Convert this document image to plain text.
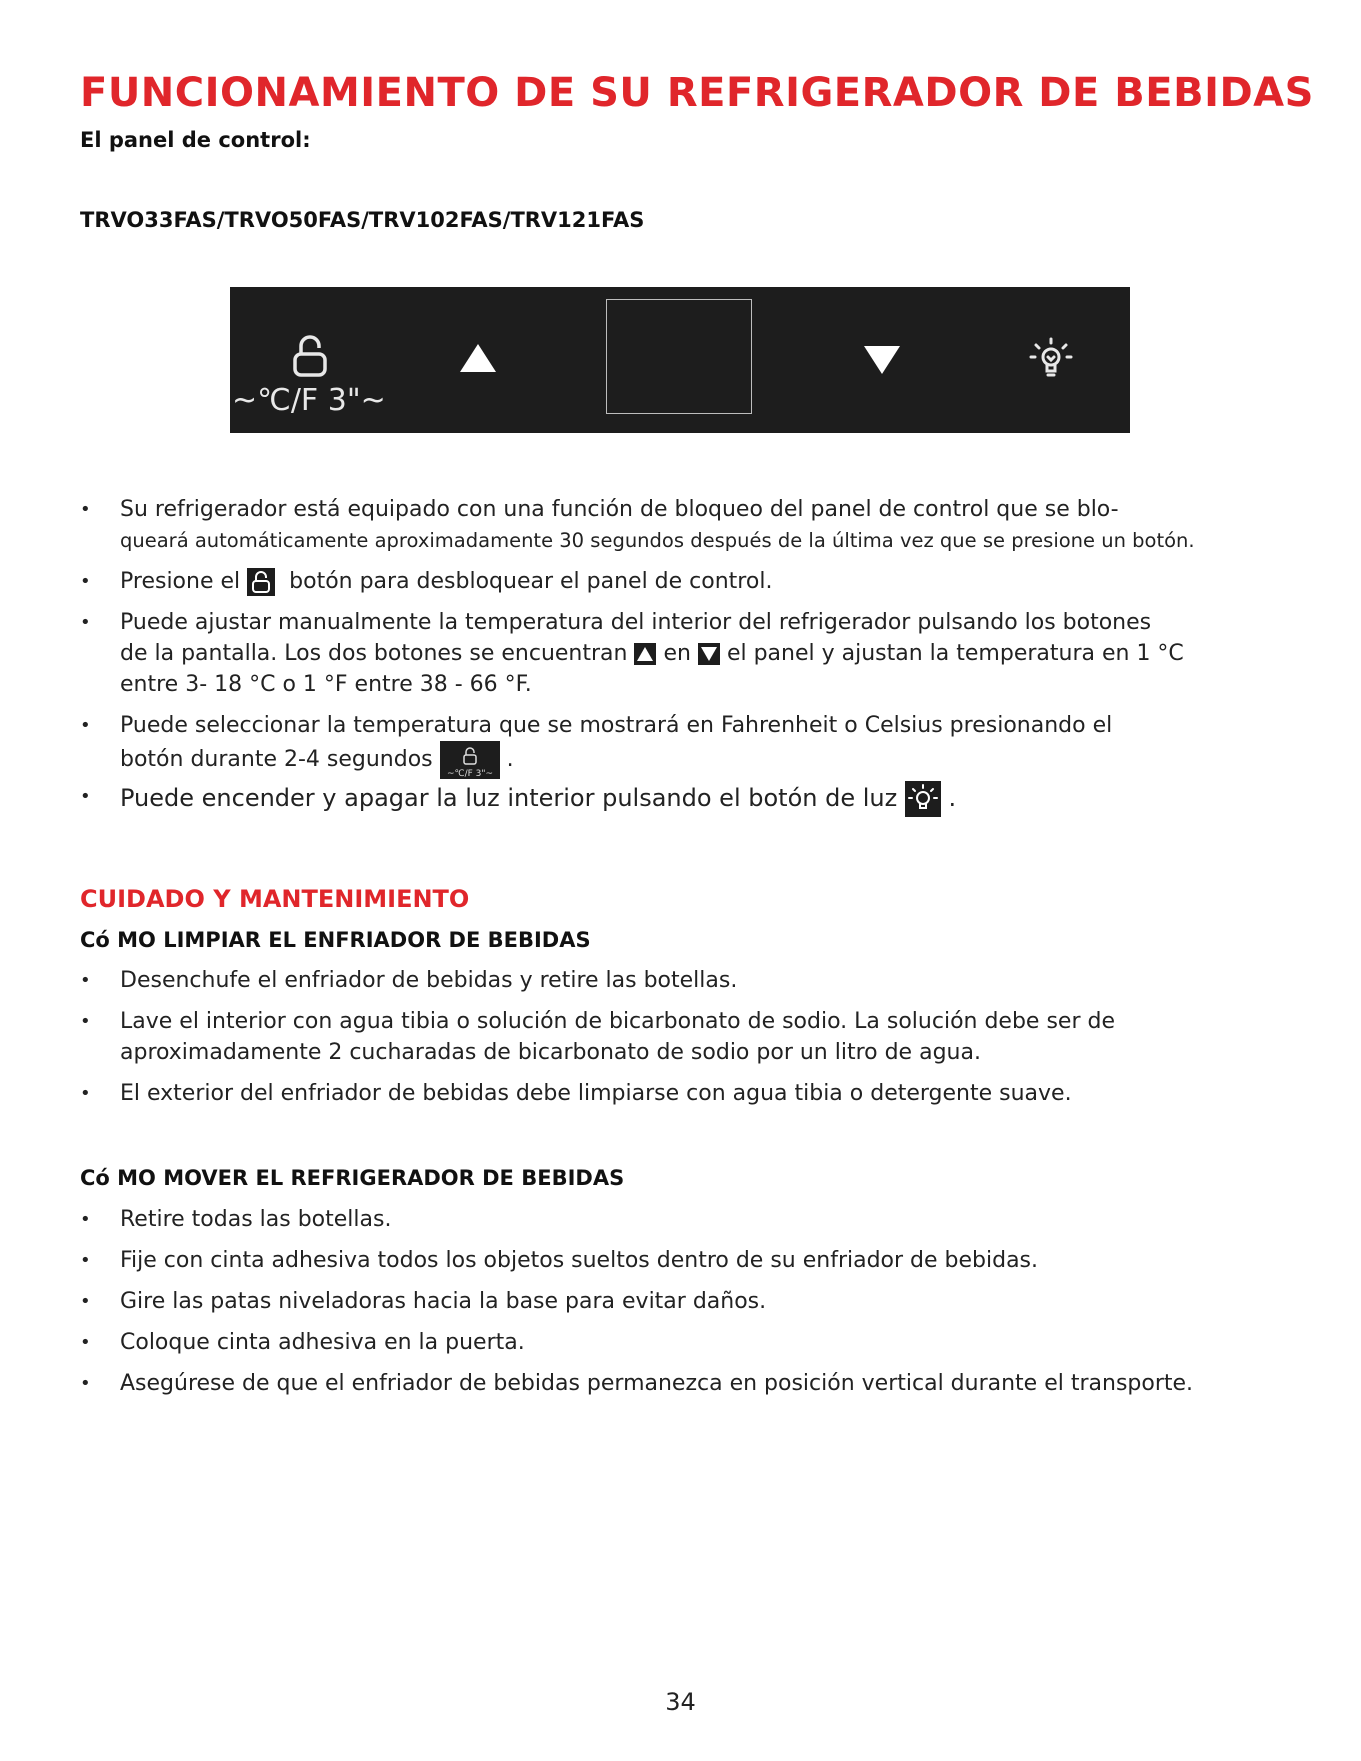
FUNCIONAMIENTO DE SU REFRIGERADOR DE BEBIDAS

El panel de control:

TRVO33FAS/TRVO50FAS/TRV102FAS/TRV121FAS

~℃/F 3"~
• Su refrigerador está equipado con una función de bloqueo del panel de control que se blo-
queará automáticamente aproximadamente 30 segundos después de la última vez que se presione un botón.
• Presione el botón para desbloquear el panel de control.
• Puede ajustar manualmente la temperatura del interior del refrigerador pulsando los botones
de la pantalla. Los dos botones se encuentran en el panel y ajustan la temperatura en 1 °C
entre 3- 18 °C o 1 °F entre 38 - 66 °F.
• Puede seleccionar la temperatura que se mostrará en Fahrenheit o Celsius presionando el
botón durante 2-4 segundos
~℃/F 3"~
.
• Puede encender y apagar la luz interior pulsando el botón de luz
.
CUIDADO Y MANTENIMIENTO
Có MO LIMPIAR EL ENFRIADOR DE BEBIDAS
• Desenchufe el enfriador de bebidas y retire las botellas.
• Lave el interior con agua tibia o solución de bicarbonato de sodio. La solución debe ser de aproximadamente 2 cucharadas de bicarbonato de sodio por un litro de agua.
• El exterior del enfriador de bebidas debe limpiarse con agua tibia o detergente suave.
Có MO MOVER EL REFRIGERADOR DE BEBIDAS
• Retire todas las botellas.
• Fije con cinta adhesiva todos los objetos sueltos dentro de su enfriador de bebidas.
• Gire las patas niveladoras hacia la base para evitar daños.
• Coloque cinta adhesiva en la puerta.
• Asegúrese de que el enfriador de bebidas permanezca en posición vertical durante el transporte.
34
